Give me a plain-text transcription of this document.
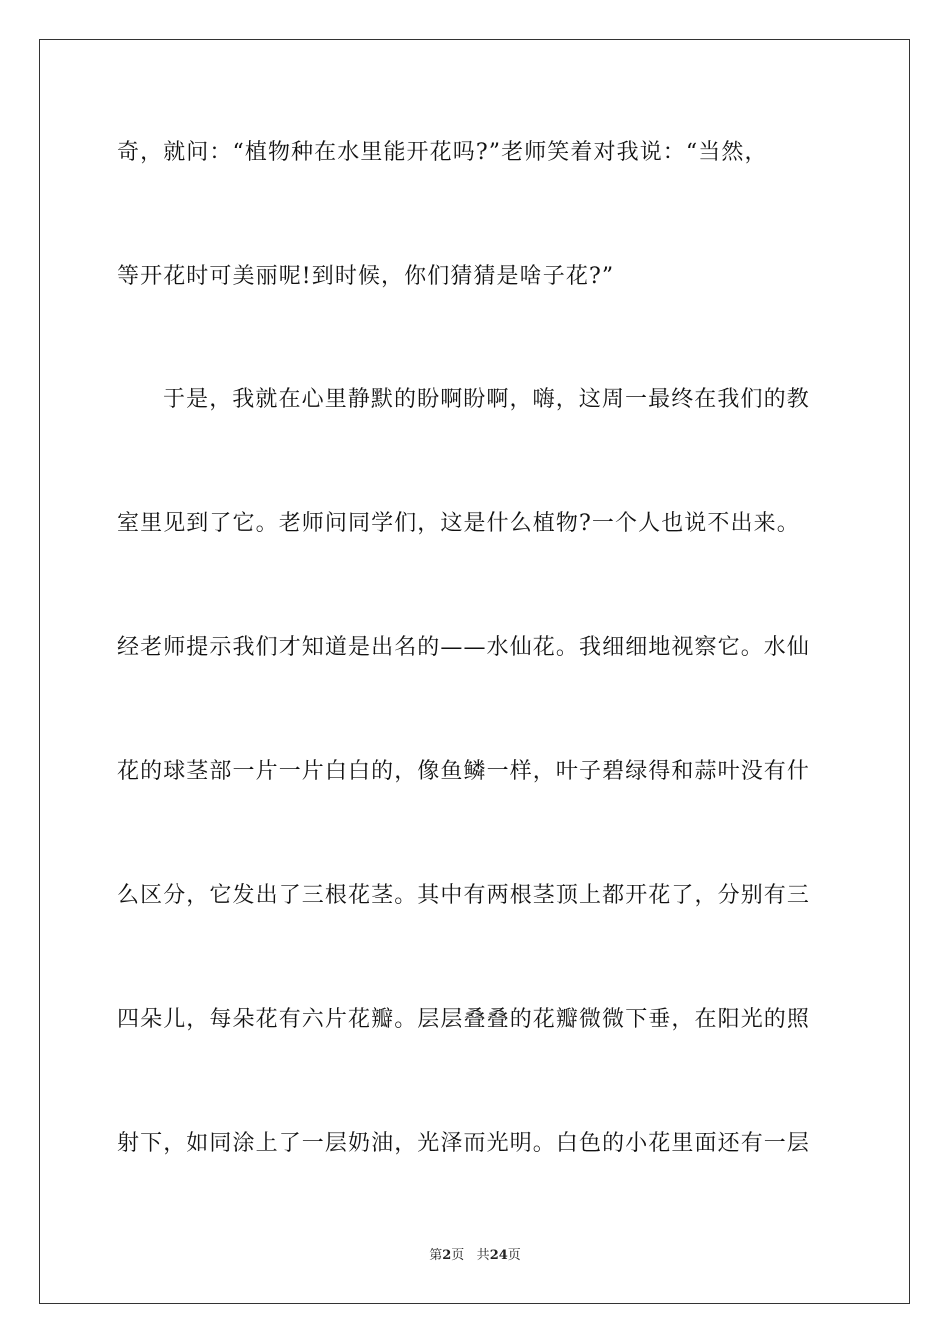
奇，就问：“植物种在水里能开花吗?”老师笑着对我说：“当然，
等开花时可美丽呢!到时候，你们猜猜是啥子花?”
于是，我就在心里静默的盼啊盼啊，嗨，这周一最终在我们的教
室里见到了它。老师问同学们，这是什么植物?一个人也说不出来。
经老师提示我们才知道是出名的——水仙花。我细细地视察它。水仙
花的球茎部一片一片白白的，像鱼鳞一样，叶子碧绿得和蒜叶没有什
么区分，它发出了三根花茎。其中有两根茎顶上都开花了，分别有三
四朵儿，每朵花有六片花瓣。层层叠叠的花瓣微微下垂，在阳光的照
射下，如同涂上了一层奶油，光泽而光明。白色的小花里面还有一层
第2页 共24页
